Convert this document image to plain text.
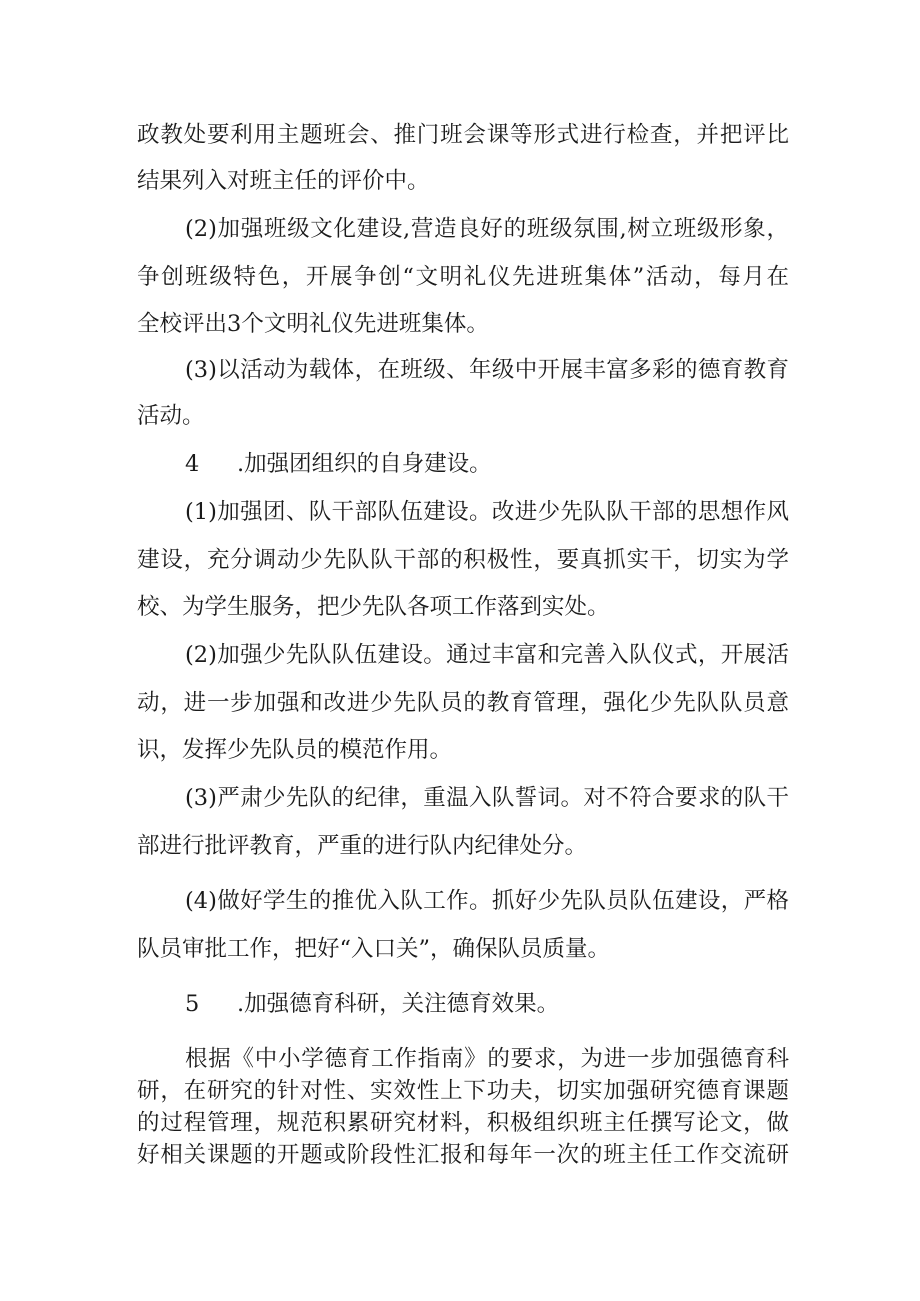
政教处要利用主题班会、推门班会课等形式进行检查，并把评比
结果列入对班主任的评价中。
(2)加强班级文化建设,营造良好的班级氛围,树立班级形象，
争创班级特色，开展争创“文明礼仪先进班集体”活动，每月在
全校评出3个文明礼仪先进班集体。
(3)以活动为载体，在班级、年级中开展丰富多彩的德育教育
活动。
4 .加强团组织的自身建设。
(1)加强团、队干部队伍建设。改进少先队队干部的思想作风
建设，充分调动少先队队干部的积极性，要真抓实干，切实为学
校、为学生服务，把少先队各项工作落到实处。
(2)加强少先队队伍建设。通过丰富和完善入队仪式，开展活
动，进一步加强和改进少先队员的教育管理，强化少先队队员意
识，发挥少先队员的模范作用。
(3)严肃少先队的纪律，重温入队誓词。对不符合要求的队干
部进行批评教育，严重的进行队内纪律处分。
(4)做好学生的推优入队工作。抓好少先队员队伍建设，严格
队员审批工作，把好“入口关”，确保队员质量。
5 .加强德育科研，关注德育效果。
根据《中小学德育工作指南》的要求，为进一步加强德育科
研，在研究的针对性、实效性上下功夫，切实加强研究德育课题
的过程管理，规范积累研究材料，积极组织班主任撰写论文，做
好相关课题的开题或阶段性汇报和每年一次的班主任工作交流研
